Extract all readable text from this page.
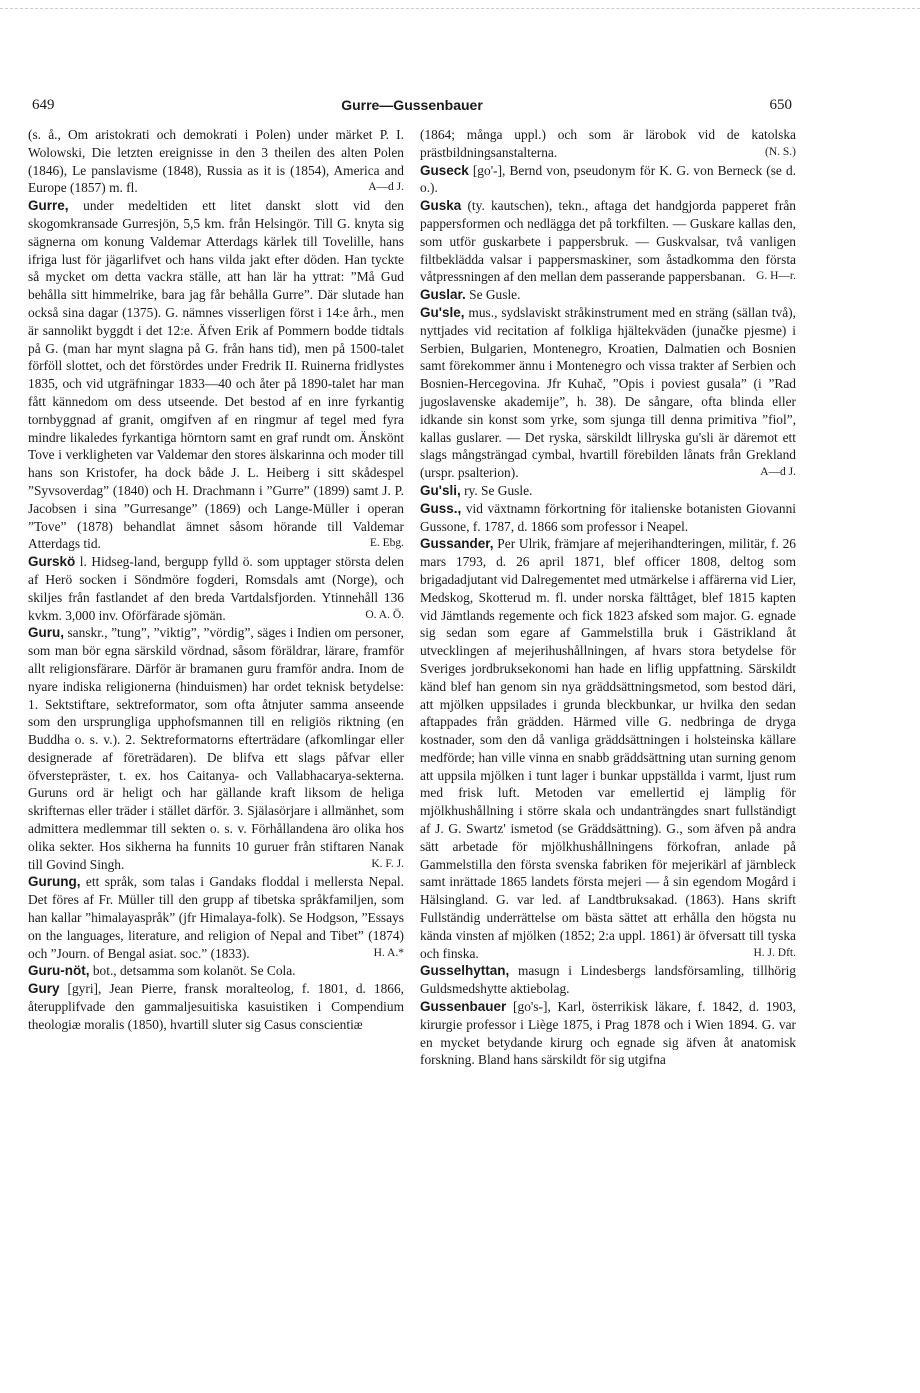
649	Gurre—Gussenbauer	650

(s. å., Om aristokrati och demokrati i Polen) under märket P. I. Wolowski, Die letzten ereignisse in den 3 theilen des alten Polen (1846), Le panslavisme (1848), Russia as it is (1854), America and Europe (1857) m. fl.	A—d J.

Gurre, under medeltiden ett litet danskt slott vid den skogomkransade Gurresjön, 5,5 km. från Helsingör. Till G. knyta sig sägnerna om konung Valdemar Atterdags kärlek till Tovelille, hans ifriga lust för jägarlifvet och hans vilda jakt efter döden. Han tyckte så mycket om detta vackra ställe, att han lär ha yttrat: ”Må Gud behålla sitt himmelrike, bara jag får behålla Gurre”. Där slutade han också sina dagar (1375). G. nämnes visserligen först i 14:e årh., men är sannolikt byggdt i det 12:e. Äfven Erik af Pommern bodde tidtals på G. (man har mynt slagna på G. från hans tid), men på 1500-talet förföll slottet, och det förstördes under Fredrik II. Ruinerna fridlystes 1835, och vid utgräfningar 1833—40 och åter på 1890-talet har man fått kännedom om dess utseende. Det bestod af en inre fyrkantig tornbyggnad af granit, omgifven af en ringmur af tegel med fyra mindre likaledes fyrkantiga hörntorn samt en graf rundt om. Änskönt Tove i verkligheten var Valdemar den stores älskarinna och moder till hans son Kristofer, ha dock både J. L. Heiberg i sitt skådespel ”Syvsoverdag” (1840) och H. Drachmann i ”Gurre” (1899) samt J. P. Jacobsen i sina ”Gurresange” (1869) och Lange-Müller i operan ”Tove” (1878) behandlat ämnet såsom hörande till Valdemar Atterdags tid.	E. Ebg.

Gurskö l. Hidseg-land, bergupp fylld ö. som upptager största delen af Herö socken i Söndmöre fogderi, Romsdals amt (Norge), och skiljes från fastlandet af den breda Vartdalsfjorden. Ytinnehåll 136 kvkm. 3,000 inv. Oförfärade sjömän.	O. A. Ö.

Guru, sanskr., ”tung”, ”viktig”, ”vördig”, säges i Indien om personer, som man bör egna särskild vördnad, såsom föräldrar, lärare, framför allt religionsfärare. Därför är bramanen guru framför andra. Inom de nyare indiska religionerna (hinduismen) har ordet teknisk betydelse: 1. Sektstiftare, sektreformator, som ofta åtnjuter samma anseende som den ursprungliga upphofsmannen till en religiös riktning (en Buddha o. s. v.). 2. Sektreformatorns efterträdare (afkomlingar eller designerade af företrädaren). De blifva ett slags påfvar eller öfverstepräster, t. ex. hos Caitanya- och Vallabhacarya-sekterna. Guruns ord är heligt och har gällande kraft liksom de heliga skrifternas eller träder i stället därför. 3. Själasörjare i allmänhet, som admittera medlemmar till sekten o. s. v. Förhållandena äro olika hos olika sekter. Hos sikherna ha funnits 10 guruer från stiftaren Nanak till Govind Singh.	K. F. J.

Gurung, ett språk, som talas i Gandaks floddal i mellersta Nepal. Det föres af Fr. Müller till den grupp af tibetska språkfamiljen, som han kallar ”himalayaspråk” (jfr Himalaya-folk). Se Hodgson, ”Essays on the languages, literature, and religion of Nepal and Tibet” (1874) och ”Journ. of Bengal asiat. soc.” (1833).	H. A.*

Guru-nöt, bot., detsamma som kolanöt. Se Cola.

Gury [gyri], Jean Pierre, fransk moralteolog, f. 1801, d. 1866, återupplifvade den gammaljesuitiska kasuistiken i Compendium theologiæ moralis (1850), hvartill sluter sig Casus conscientiæ

(1864; många uppl.) och som är lärobok vid de katolska prästbildningsanstalterna.	(N. S.)

Guseck [go'-], Bernd von, pseudonym för K. G. von Berneck (se d. o.).

Guska (ty. kautschen), tekn., aftaga det handgjorda papperet från pappersformen och nedlägga det på torkfilten. — Guskare kallas den, som utför guskarbete i pappersbruk. — Guskvalsar, två vanligen filtbeklädda valsar i pappersmaskiner, som åstadkomma den första våtpressningen af den mellan dem passerande pappersbanan. G. H—r.

Guslar. Se Gusle.

Gu'sle, mus., sydslaviskt stråkinstrument med en sträng (sällan två), nyttjades vid recitation af folkliga hjältekväden (junačke pjesme) i Serbien, Bulgarien, Montenegro, Kroatien, Dalmatien och Bosnien samt förekommer ännu i Montenegro och vissa trakter af Serbien och Bosnien-Hercegovina. Jfr Kuhač, ”Opis i poviest gusala” (i ”Rad jugoslavenske akademije”, h. 38). De sångare, ofta blinda eller idkande sin konst som yrke, som sjunga till denna primitiva ”fiol”, kallas guslarer. — Det ryska, särskildt lillryska gu'sli är däremot ett slags mångsträngad cymbal, hvartill förebilden lånats från Grekland (urspr. psalterion).	A—d J.

Gu'sli, ry. Se Gusle.

Guss., vid växtnamn förkortning för italienske botanisten Giovanni Gussone, f. 1787, d. 1866 som professor i Neapel.

Gussander, Per Ulrik, främjare af mejerihandteringen, militär, f. 26 mars 1793, d. 26 april 1871, blef officer 1808, deltog som brigadadjutant vid Dalregementet med utmärkelse i affärerna vid Lier, Medskog, Skotterud m. fl. under norska fälttåget, blef 1815 kapten vid Jämtlands regemente och fick 1823 afsked som major. G. egnade sig sedan som egare af Gammelstilla bruk i Gästrikland åt utvecklingen af mejerihushållningen, af hvars stora betydelse för Sveriges jordbruksekonomi han hade en liflig uppfattning. Särskildt känd blef han genom sin nya gräddsättningsmetod, som bestod däri, att mjölken uppsilades i grunda bleckbunkar, ur hvilka den sedan aftappades från grädden. Härmed ville G. nedbringa de dryga kostnader, som den då vanliga gräddsättningen i holsteinska källare medförde; han ville vinna en snabb gräddsättning utan surning genom att uppsila mjölken i tunt lager i bunkar uppställda i varmt, ljust rum med frisk luft. Metoden var emellertid ej lämplig för mjölkhushållning i större skala och undanträngdes snart fullständigt af J. G. Swartz' ismetod (se Gräddsättning). G., som äfven på andra sätt arbetade för mjölkhushållningens förkofran, anlade på Gammelstilla den första svenska fabriken för mejerikärl af järnbleck samt inrättade 1865 landets första mejeri — å sin egendom Mogård i Hälsingland. G. var led. af Landtbruksakad. (1863). Hans skrift Fullständig underrättelse om bästa sättet att erhålla den högsta nu kända vinsten af mjölken (1852; 2:a uppl. 1861) är öfversatt till tyska och finska.	H. J. Dft.

Gusselhyttan, masugn i Lindesbergs landsförsamling, tillhörig Guldsmedshytte aktiebolag.

Gussenbauer [go's-], Karl, österrikisk läkare, f. 1842, d. 1903, kirurgie professor i Liège 1875, i Prag 1878 och i Wien 1894. G. var en mycket betydande kirurg och egnade sig äfven åt anatomisk forskning. Bland hans särskildt för sig utgifna
